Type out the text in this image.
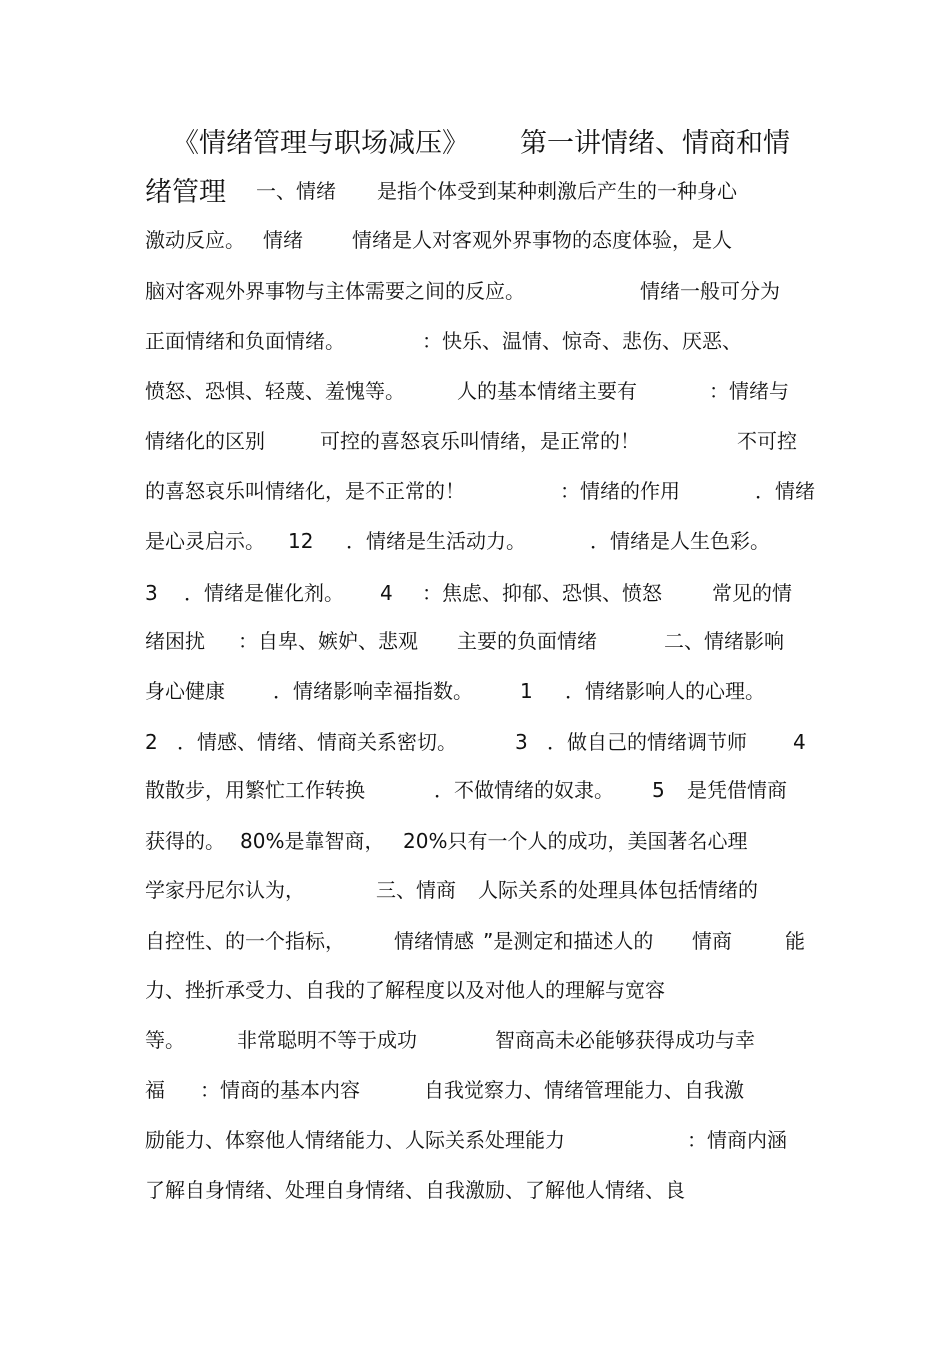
《情绪管理与职场减压》 第一讲情绪、情商和情
绪管理 一、情绪 是指个体受到某种刺激后产生的一种身心
激动反应。 情绪 情绪是人对客观外界事物的态度体验，是人
脑对客观外界事物与主体需要之间的反应。	情绪一般可分为
正面情绪和负面情绪。	：快乐、温情、惊奇、悲伤、厌恶、
愤怒、恐惧、轻蔑、羞愧等。	人的基本情绪主要有	：情绪与
情绪化的区别	可控的喜怒哀乐叫情绪，是正常的！	不可控
的喜怒哀乐叫情绪化，是不正常的！	：情绪的作用	．情绪
是心灵启示。 12 ．情绪是生活动力。	．情绪是人生色彩。
3 ．情绪是催化剂。 4 ：焦虑、抑郁、恐惧、愤怒	常见的情
绪困扰 ：自卑、嫉妒、悲观 主要的负面情绪	二、情绪影响
身心健康 ．情绪影响幸福指数。 1 ．情绪影响人的心理。
2 ．情感、情绪、情商关系密切。	3 ．做自己的情绪调节师 4
散散步，用繁忙工作转换	．不做情绪的奴隶。 5 是凭借情商
获得的。 80%是靠智商， 20%只有一个人的成功，美国著名心理
学家丹尼尔认为，	三、情商 人际关系的处理具体包括情绪的
自控性、的一个指标， 情绪情感 ”是测定和描述人的 情商	能
力、挫折承受力、自我的了解程度以及对他人的理解与宽容
等。	非常聪明不等于成功	智商高未必能够获得成功与幸
福 ：情商的基本内容	自我觉察力、情绪管理能力、自我激
励能力、体察他人情绪能力、人际关系处理能力	：情商内涵
了解自身情绪、处理自身情绪、自我激励、了解他人情绪、良
